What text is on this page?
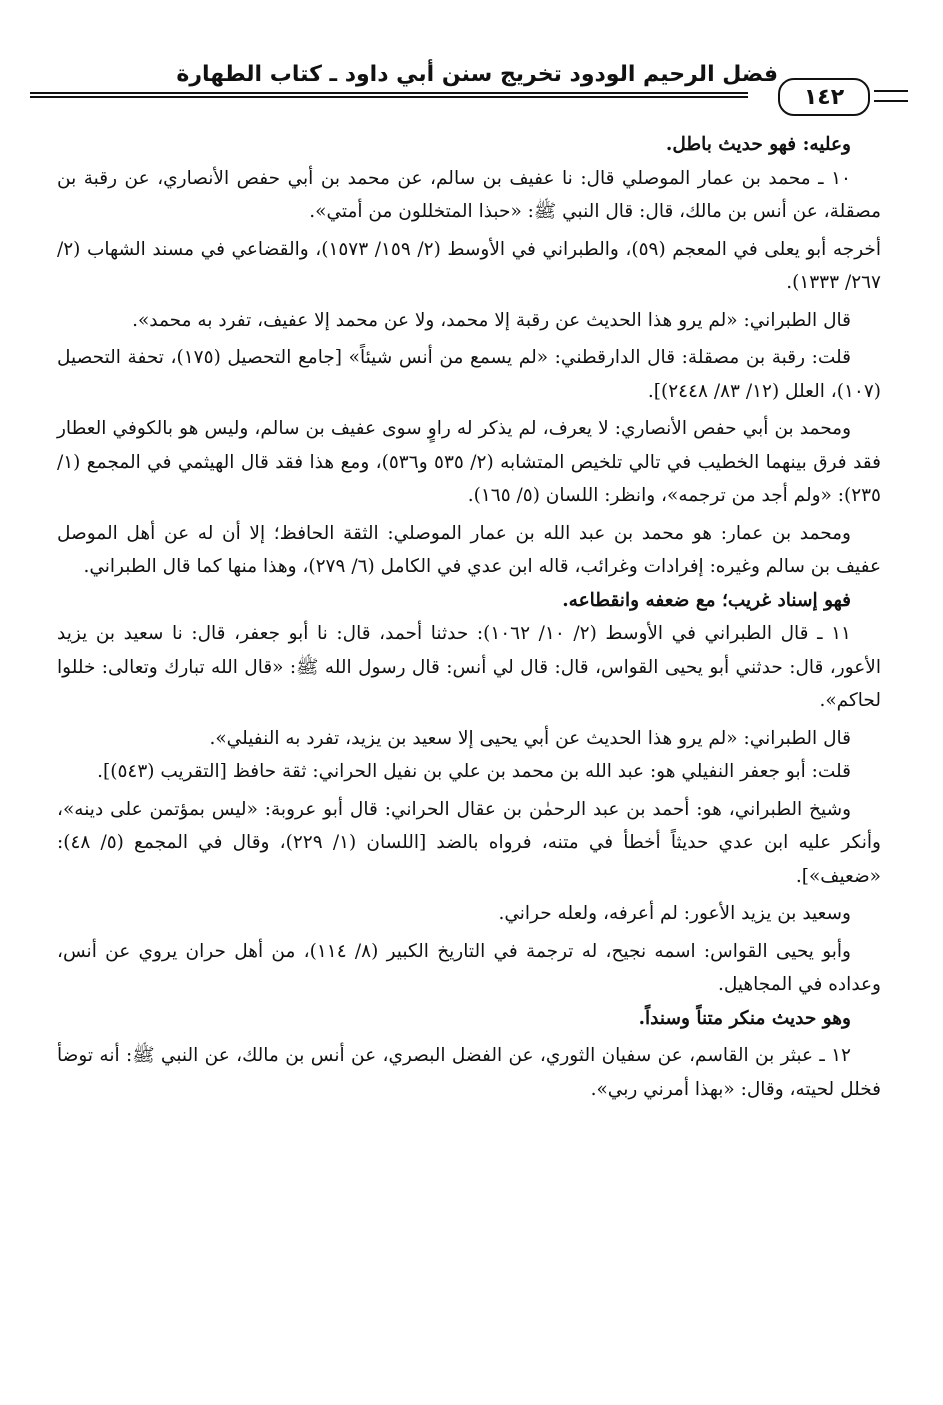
فضل الرحيم الودود تخريج سنن أبي داود ـ كتاب الطهارة
١٤٢

وعليه: فهو حديث باطل.

١٠ ـ محمد بن عمار الموصلي قال: نا عفيف بن سالم، عن محمد بن أبي حفص الأنصاري، عن رقبة بن مصقلة، عن أنس بن مالك، قال: قال النبي ﷺ: «حبذا المتخللون من أمتي».

أخرجه أبو يعلى في المعجم (٥٩)، والطبراني في الأوسط (٢/ ١٥٩/ ١٥٧٣)، والقضاعي في مسند الشهاب (٢/ ٢٦٧/ ١٣٣٣).

قال الطبراني: «لم يرو هذا الحديث عن رقبة إلا محمد، ولا عن محمد إلا عفيف، تفرد به محمد».

قلت: رقبة بن مصقلة: قال الدارقطني: «لم يسمع من أنس شيئاً» [جامع التحصيل (١٧٥)، تحفة التحصيل (١٠٧)، العلل (١٢/ ٨٣/ ٢٤٤٨)].

ومحمد بن أبي حفص الأنصاري: لا يعرف، لم يذكر له راوٍ سوى عفيف بن سالم، وليس هو بالكوفي العطار فقد فرق بينهما الخطيب في تالي تلخيص المتشابه (٢/ ٥٣٥ و٥٣٦)، ومع هذا فقد قال الهيثمي في المجمع (١/ ٢٣٥): «ولم أجد من ترجمه»، وانظر: اللسان (٥/ ١٦٥).

ومحمد بن عمار: هو محمد بن عبد الله بن عمار الموصلي: الثقة الحافظ؛ إلا أن له عن أهل الموصل عفيف بن سالم وغيره: إفرادات وغرائب، قاله ابن عدي في الكامل (٦/ ٢٧٩)، وهذا منها كما قال الطبراني.

فهو إسناد غريب؛ مع ضعفه وانقطاعه.

١١ ـ قال الطبراني في الأوسط (٢/ ١٠/ ١٠٦٢): حدثنا أحمد، قال: نا أبو جعفر، قال: نا سعيد بن يزيد الأعور، قال: حدثني أبو يحيى القواس، قال: قال لي أنس: قال رسول الله ﷺ: «قال الله تبارك وتعالى: خللوا لحاكم».

قال الطبراني: «لم يرو هذا الحديث عن أبي يحيى إلا سعيد بن يزيد، تفرد به النفيلي».

قلت: أبو جعفر النفيلي هو: عبد الله بن محمد بن علي بن نفيل الحراني: ثقة حافظ [التقريب (٥٤٣)].

وشيخ الطبراني، هو: أحمد بن عبد الرحمٰن بن عقال الحراني: قال أبو عروبة: «ليس بمؤتمن على دينه»، وأنكر عليه ابن عدي حديثاً أخطأ في متنه، فرواه بالضد [اللسان (١/ ٢٢٩)، وقال في المجمع (٥/ ٤٨): «ضعيف»].

وسعيد بن يزيد الأعور: لم أعرفه، ولعله حراني.

وأبو يحيى القواس: اسمه نجيح، له ترجمة في التاريخ الكبير (٨/ ١١٤)، من أهل حران يروي عن أنس، وعداده في المجاهيل.

وهو حديث منكر متناً وسنداً.

١٢ ـ عبثر بن القاسم، عن سفيان الثوري، عن الفضل البصري، عن أنس بن مالك، عن النبي ﷺ: أنه توضأ فخلل لحيته، وقال: «بهذا أمرني ربي».
